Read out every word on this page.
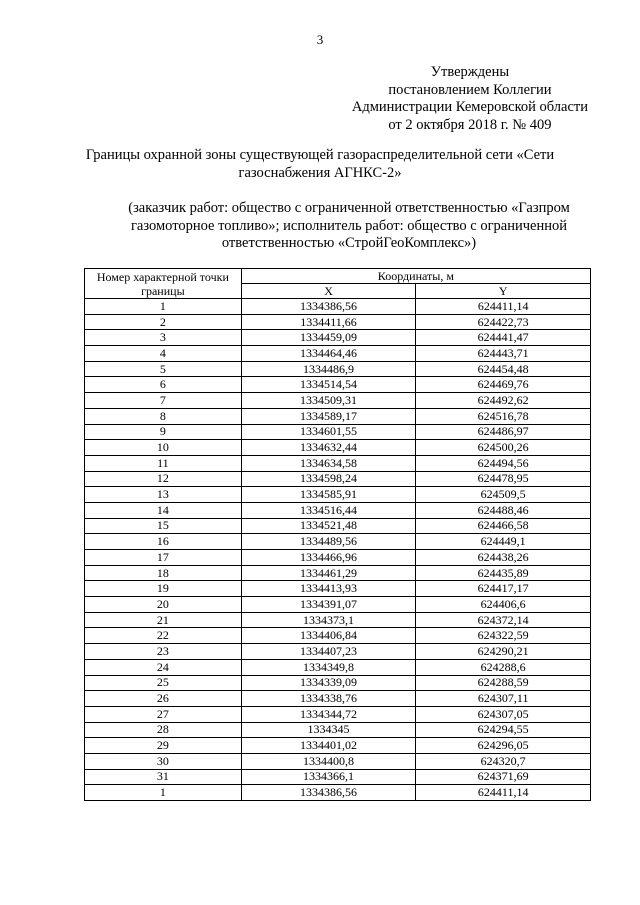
3
Утверждены
постановлением Коллегии
Администрации Кемеровской области
от 2 октября 2018 г. № 409
Границы охранной зоны существующей газораспределительной сети «Сети
газоснабжения АГНКС-2»
(заказчик работ: общество с ограниченной ответственностью «Газпром
газомоторное топливо»; исполнитель работ: общество с ограниченной
ответственностью «СтройГеоКомплекс»)
Номер характерной точки границы	Координаты, м	
	X	Y
1	1334386,56	624411,14
2	1334411,66	624422,73
3	1334459,09	624441,47
4	1334464,46	624443,71
5	1334486,9	624454,48
6	1334514,54	624469,76
7	1334509,31	624492,62
8	1334589,17	624516,78
9	1334601,55	624486,97
10	1334632,44	624500,26
11	1334634,58	624494,56
12	1334598,24	624478,95
13	1334585,91	624509,5
14	1334516,44	624488,46
15	1334521,48	624466,58
16	1334489,56	624449,1
17	1334466,96	624438,26
18	1334461,29	624435,89
19	1334413,93	624417,17
20	1334391,07	624406,6
21	1334373,1	624372,14
22	1334406,84	624322,59
23	1334407,23	624290,21
24	1334349,8	624288,6
25	1334339,09	624288,59
26	1334338,76	624307,11
27	1334344,72	624307,05
28	1334345	624294,55
29	1334401,02	624296,05
30	1334400,8	624320,7
31	1334366,1	624371,69
1	1334386,56	624411,14
